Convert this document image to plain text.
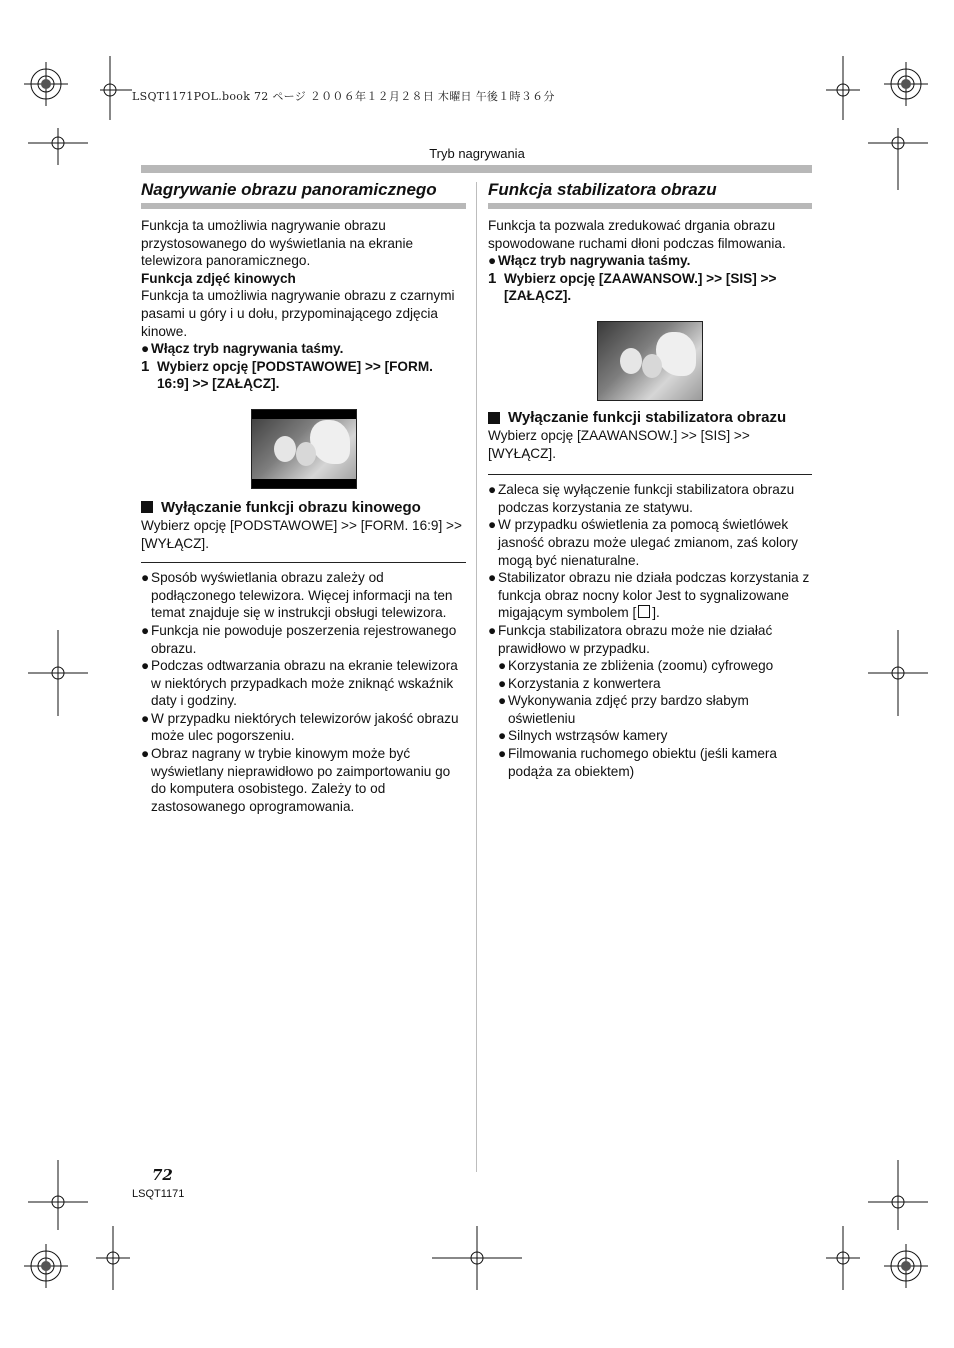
LSQT1171POL.book 72 ページ ２００６年１２月２８日 木曜日 午後１時３６分
Tryb nagrywania
Nagrywanie obrazu panoramicznego

Funkcja ta umożliwia nagrywanie obrazu przystosowanego do wyświetlania na ekranie telewizora panoramicznego.

Funkcja zdjęć kinowych

Funkcja ta umożliwia nagrywanie obrazu z czarnymi pasami u góry i u dołu, przypominającego zdjęcia kinowe.

● Włącz tryb nagrywania taśmy.
1 Wybierz opcję [PODSTAWOWE] >> [FORM. 16:9] >> [ZAŁĄCZ].
Wyłączanie funkcji obrazu kinowego

Wybierz opcję [PODSTAWOWE] >> [FORM. 16:9] >> [WYŁĄCZ].

● Sposób wyświetlania obrazu zależy od podłączonego telewizora. Więcej informacji na ten temat znajduje się w instrukcji obsługi telewizora.
● Funkcja nie powoduje poszerzenia rejestrowanego obrazu.
● Podczas odtwarzania obrazu na ekranie telewizora w niektórych przypadkach może zniknąć wskaźnik daty i godziny.
● W przypadku niektórych telewizorów jakość obrazu może ulec pogorszeniu.
● Obraz nagrany w trybie kinowym może być wyświetlany nieprawidłowo po zaimportowaniu go do komputera osobistego. Zależy to od zastosowanego oprogramowania.
Funkcja stabilizatora obrazu

Funkcja ta pozwala zredukować drgania obrazu spowodowane ruchami dłoni podczas filmowania.

● Włącz tryb nagrywania taśmy.
1 Wybierz opcję [ZAAWANSOW.] >> [SIS] >> [ZAŁĄCZ].
Wyłączanie funkcji stabilizatora obrazu

Wybierz opcję [ZAAWANSOW.] >> [SIS] >> [WYŁĄCZ].

● Zaleca się wyłączenie funkcji stabilizatora obrazu podczas korzystania ze statywu.
● W przypadku oświetlenia za pomocą świetlówek jasność obrazu może ulegać zmianom, zaś kolory mogą być nienaturalne.
● Stabilizator obrazu nie działa podczas korzystania z funkcja obraz nocny kolor Jest to sygnalizowane migającym symbolem [ ].
● Funkcja stabilizatora obrazu może nie działać prawidłowo w przypadku.
● Korzystania ze zbliżenia (zoomu) cyfrowego
● Korzystania z konwertera
● Wykonywania zdjęć przy bardzo słabym oświetleniu
● Silnych wstrząsów kamery
● Filmowania ruchomego obiektu (jeśli kamera podąża za obiektem)
72
LSQT1171
